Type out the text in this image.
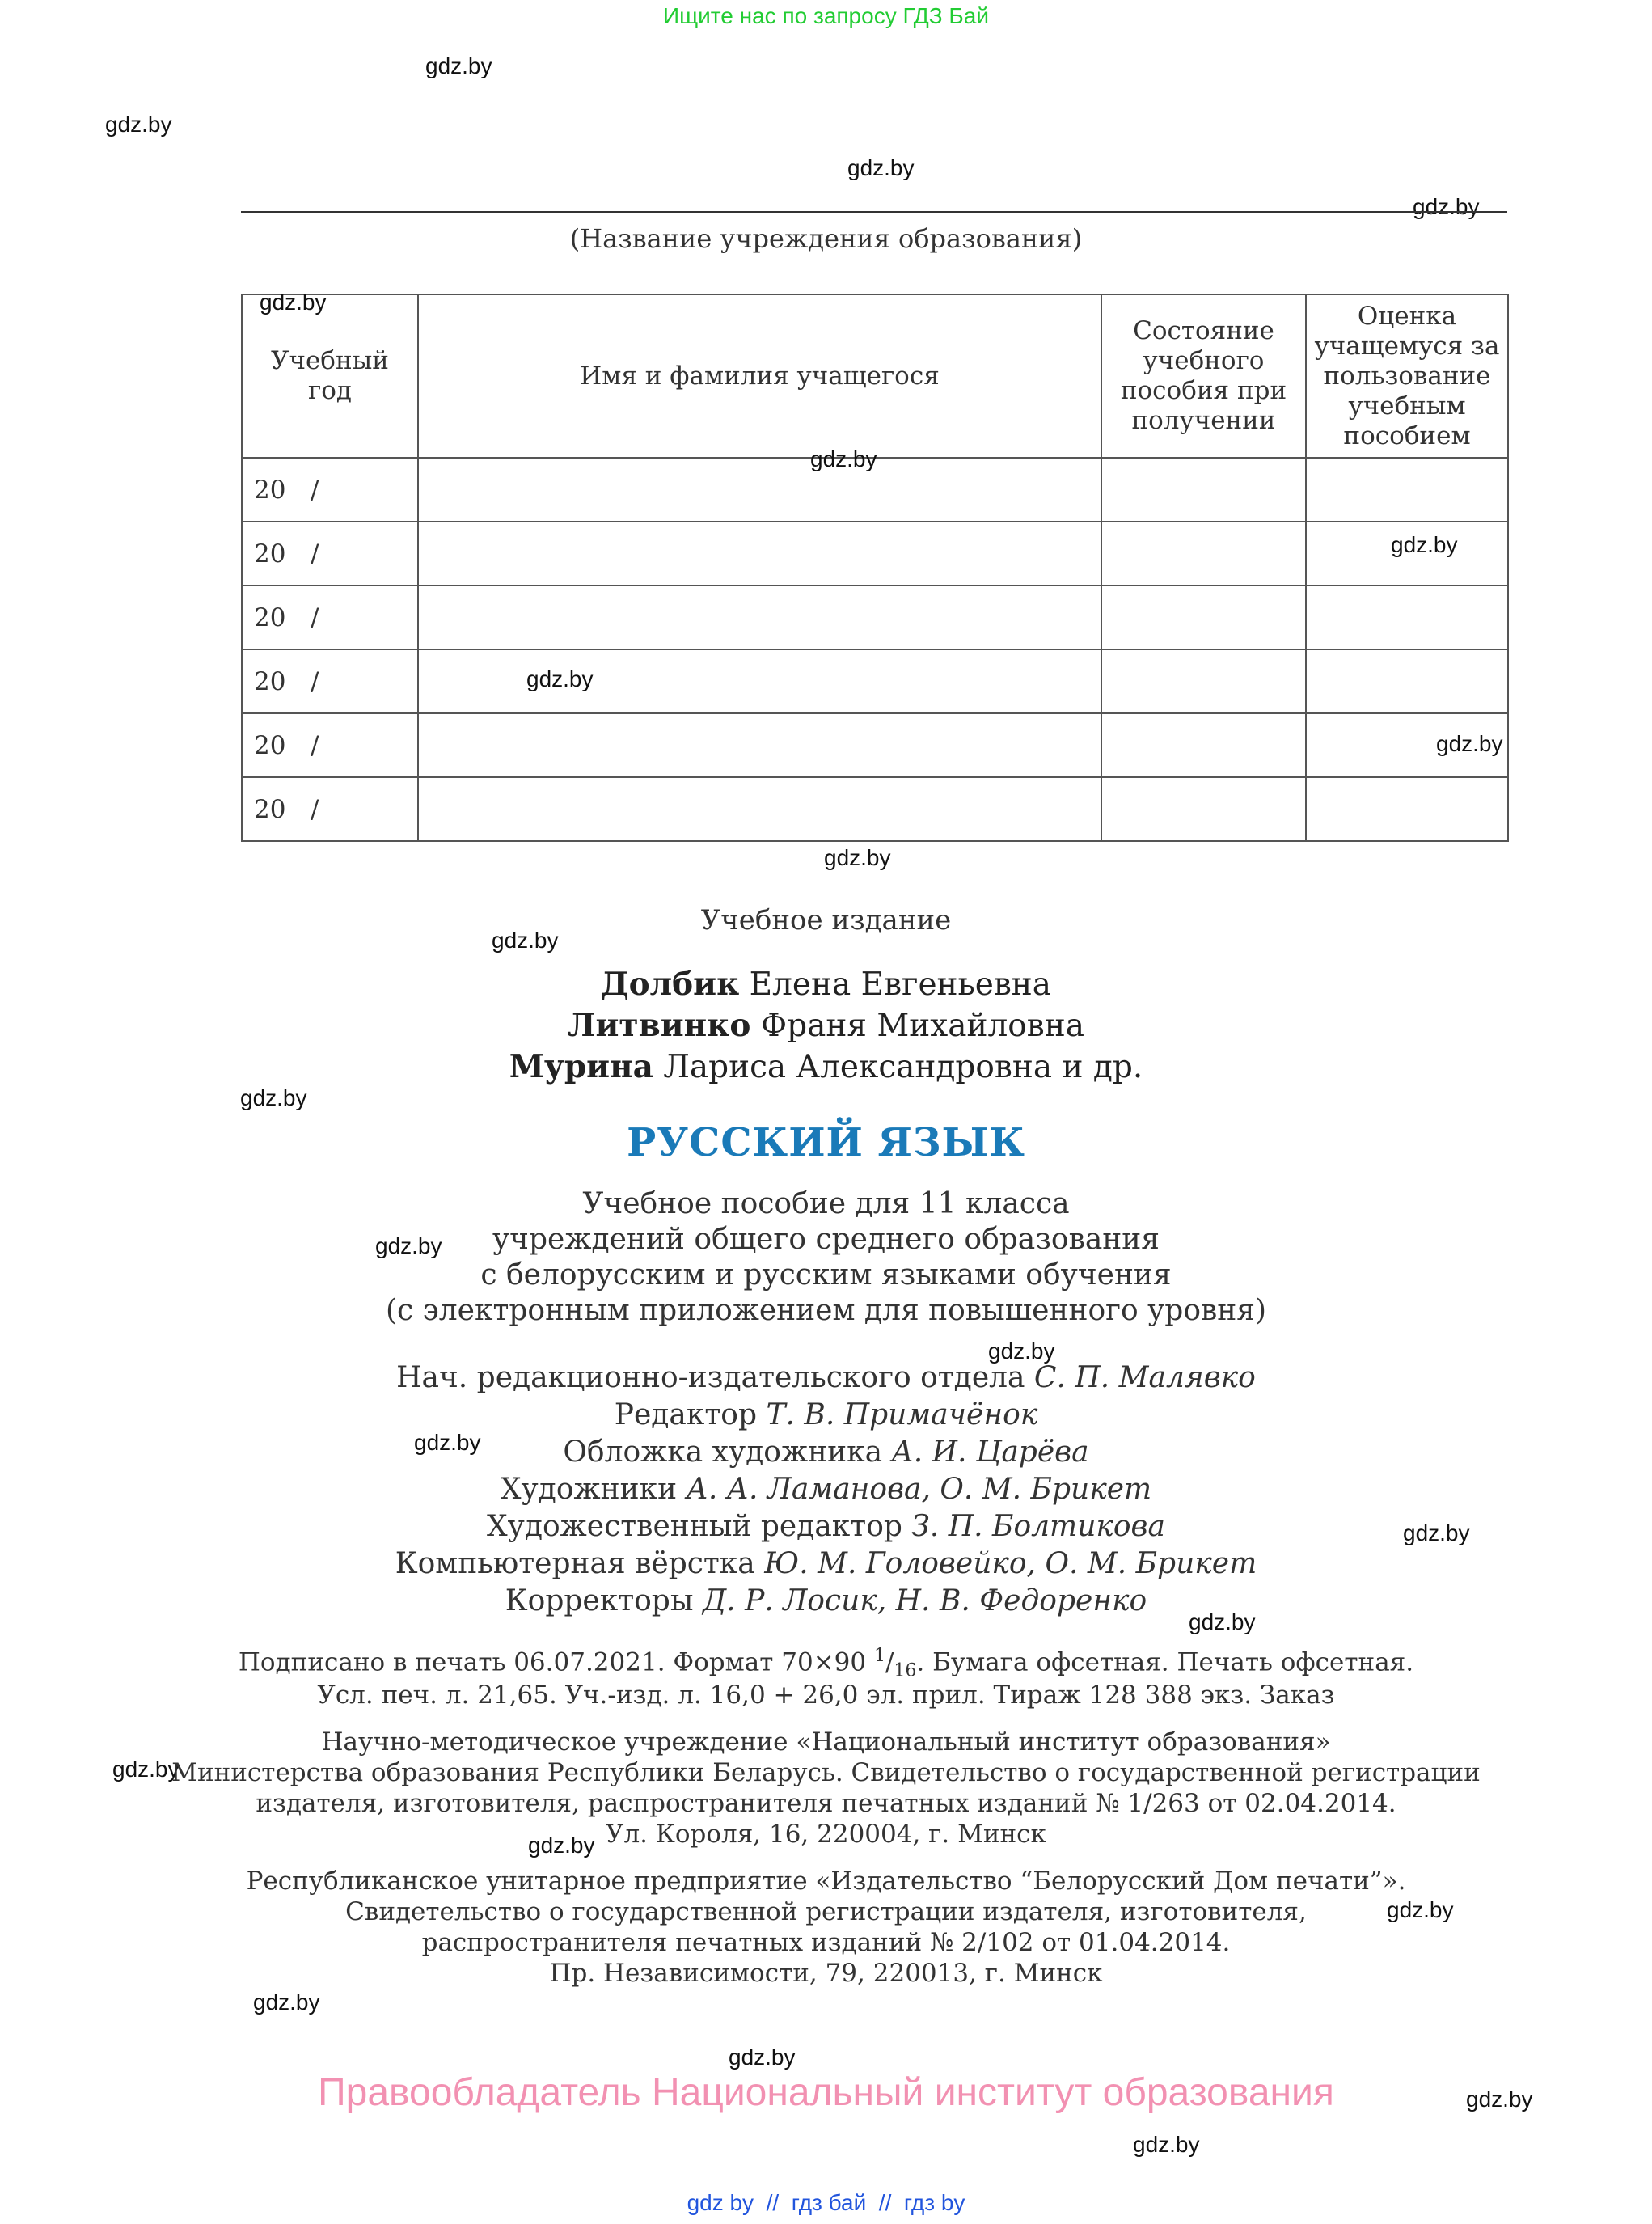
Ищите нас по запросу ГДЗ Бай
gdz.by
gdz.by
gdz.by
gdz.by
gdz.by
gdz.by
gdz.by
gdz.by
gdz.by
gdz.by
gdz.by
gdz.by
gdz.by
gdz.by
gdz.by
gdz.by
gdz.by
gdz.by
gdz.by
gdz.by
gdz.by
gdz.by
gdz.by
gdz.by
(Название учреждения образования)
Учебный год	Имя и фамилия учащегося	Состояние учебного пособия при получении	Оценка учащемуся за пользование учебным пособием
20 /			
20 /			
20 /			
20 /			
20 /			
20 /			
Учебное издание
Долбик Елена Евгеньевна
Литвинко Франя Михайловна
Мурина Лариса Александровна и др.
РУССКИЙ ЯЗЫК
Учебное пособие для 11 класса
учреждений общего среднего образования
с белорусским и русским языками обучения
(с электронным приложением для повышенного уровня)
Нач. редакционно-издательского отдела С. П. Малявко
Редактор Т. В. Примачёнок
Обложка художника А. И. Царёва
Художники А. А. Ламанова, О. М. Брикет
Художественный редактор З. П. Болтикова
Компьютерная вёрстка Ю. М. Головейко, О. М. Брикет
Корректоры Д. Р. Лосик, Н. В. Федоренко
Подписано в печать 06.07.2021. Формат 70×90 $^1/_{16}$. Бумага офсетная. Печать офсетная.
Усл. печ. л. 21,65. Уч.-изд. л. 16,0 + 26,0 эл. прил. Тираж 128 388 экз. Заказ
Научно-методическое учреждение «Национальный институт образования»
Министерства образования Республики Беларусь. Свидетельство о государственной регистрации
издателя, изготовителя, распространителя печатных изданий № 1/263 от 02.04.2014.
Ул. Короля, 16, 220004, г. Минск
Республиканское унитарное предприятие «Издательство “Белорусский Дом печати”».
Свидетельство о государственной регистрации издателя, изготовителя,
распространителя печатных изданий № 2/102 от 01.04.2014.
Пр. Независимости, 79, 220013, г. Минск
Правообладатель Национальный институт образования
gdz by  //  гдз бай  //  гдз by
